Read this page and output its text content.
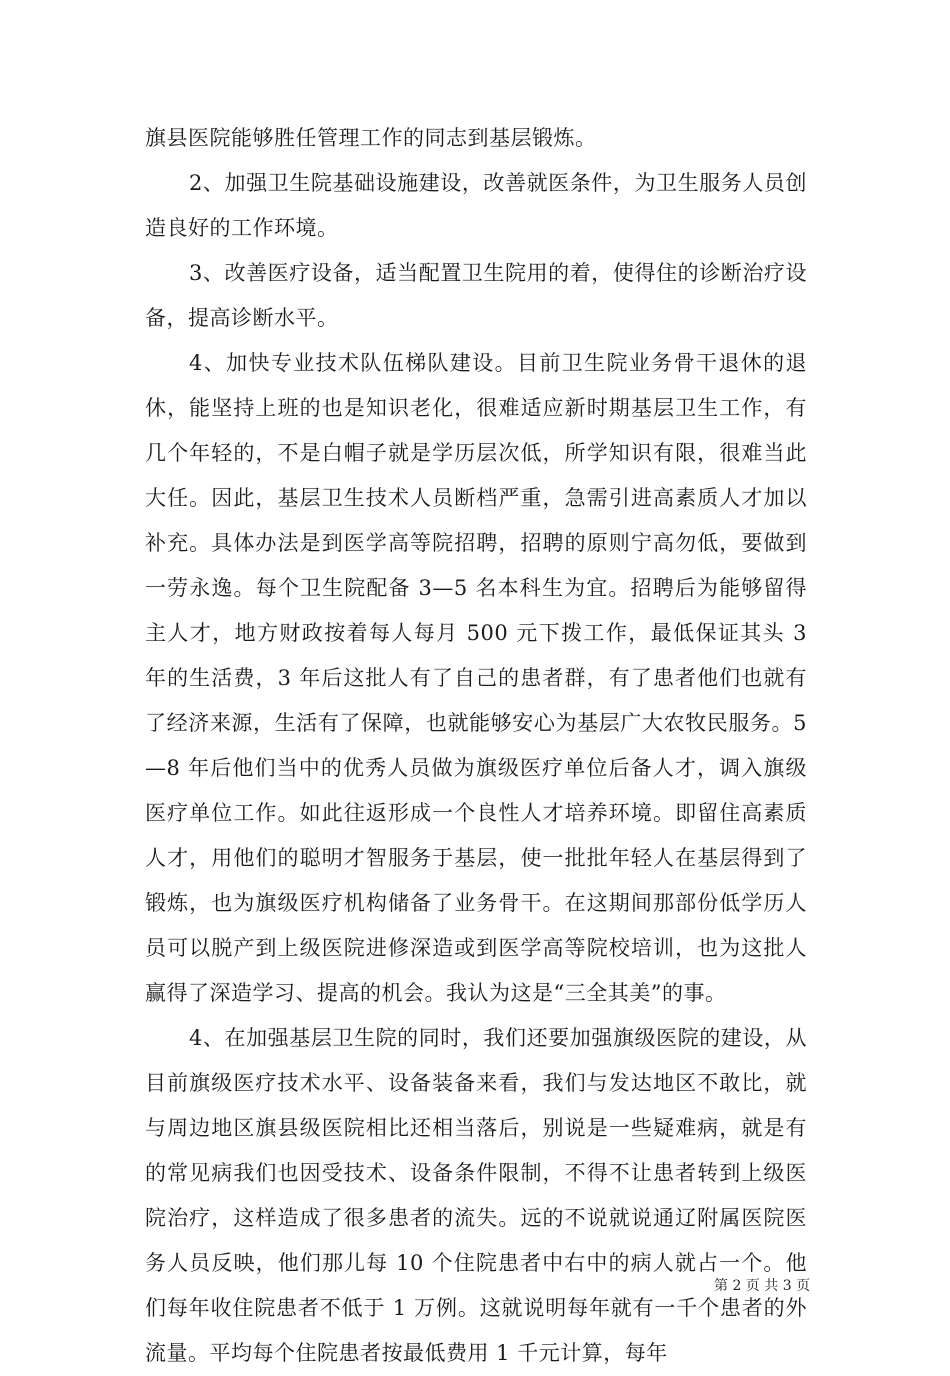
旗县医院能够胜任管理工作的同志到基层锻炼。

2、加强卫生院基础设施建设，改善就医条件，为卫生服务人员创造良好的工作环境。

3、改善医疗设备，适当配置卫生院用的着，使得住的诊断治疗设备，提高诊断水平。

4、加快专业技术队伍梯队建设。目前卫生院业务骨干退休的退休，能坚持上班的也是知识老化，很难适应新时期基层卫生工作，有几个年轻的，不是白帽子就是学历层次低，所学知识有限，很难当此大任。因此，基层卫生技术人员断档严重，急需引进高素质人才加以补充。具体办法是到医学高等院招聘，招聘的原则宁高勿低，要做到一劳永逸。每个卫生院配备 3—5 名本科生为宜。招聘后为能够留得主人才，地方财政按着每人每月 500 元下拨工作，最低保证其头 3 年的生活费，3 年后这批人有了自己的患者群，有了患者他们也就有了经济来源，生活有了保障，也就能够安心为基层广大农牧民服务。5—8 年后他们当中的优秀人员做为旗级医疗单位后备人才，调入旗级医疗单位工作。如此往返形成一个良性人才培养环境。即留住高素质人才，用他们的聪明才智服务于基层，使一批批年轻人在基层得到了锻炼，也为旗级医疗机构储备了业务骨干。在这期间那部份低学历人员可以脱产到上级医院进修深造或到医学高等院校培训，也为这批人赢得了深造学习、提高的机会。我认为这是“三全其美”的事。

4、在加强基层卫生院的同时，我们还要加强旗级医院的建设，从目前旗级医疗技术水平、设备装备来看，我们与发达地区不敢比，就与周边地区旗县级医院相比还相当落后，别说是一些疑难病，就是有的常见病我们也因受技术、设备条件限制，不得不让患者转到上级医院治疗，这样造成了很多患者的流失。远的不说就说通辽附属医院医务人员反映，他们那儿每 10 个住院患者中右中的病人就占一个。他们每年收住院患者不低于 1 万例。这就说明每年就有一千个患者的外流量。平均每个住院患者按最低费用 1 千元计算，每年

第 2 页 共 3 页
